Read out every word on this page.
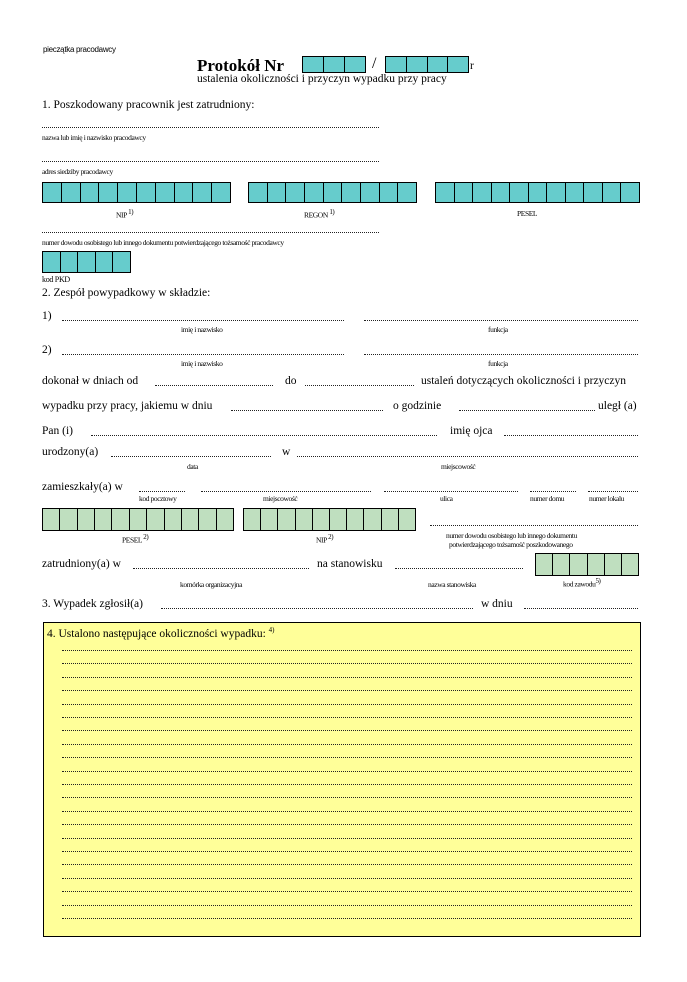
pieczątka pracodawcy
Protokół Nr	/	r
ustalenia okoliczności i przyczyn wypadku przy pracy
1. Poszkodowany pracownik jest zatrudniony:
nazwa lub imię i nazwisko pracodawcy
adres siedziby pracodawcy
NIP $^{1)}$	REGON $^{1)}$	PESEL
numer dowodu osobistego lub innego dokumentu potwierdzającego tożsamość pracodawcy
kod PKD
2. Zespół powypadkowy w składzie:
1)
imię i nazwisko	funkcja
2)
imię i nazwisko	funkcja
dokonał w dniach od	do	ustaleń dotyczących okoliczności i przyczyn
wypadku przy pracy, jakiemu w dniu	o godzinie	uległ (a)
Pan (i)	imię ojca
urodzony(a)	w
data	miejscowość
zamieszkały(a) w
kod pocztowy	miejscowość	ulica	numer domu	numer lokalu
PESEL $^{2)}$	NIP $^{2)}$	numer dowodu osobistego lub innego dokumentu
potwierdzającego tożsamość poszkodowanego
zatrudniony(a) w	na stanowisku
komórka organizacyjna	nazwa stanowiska	kod zawodu$^{5)}$
3. Wypadek zgłosił(a)	w dniu
4. Ustalono następujące okoliczności wypadku: $^{4)}$
